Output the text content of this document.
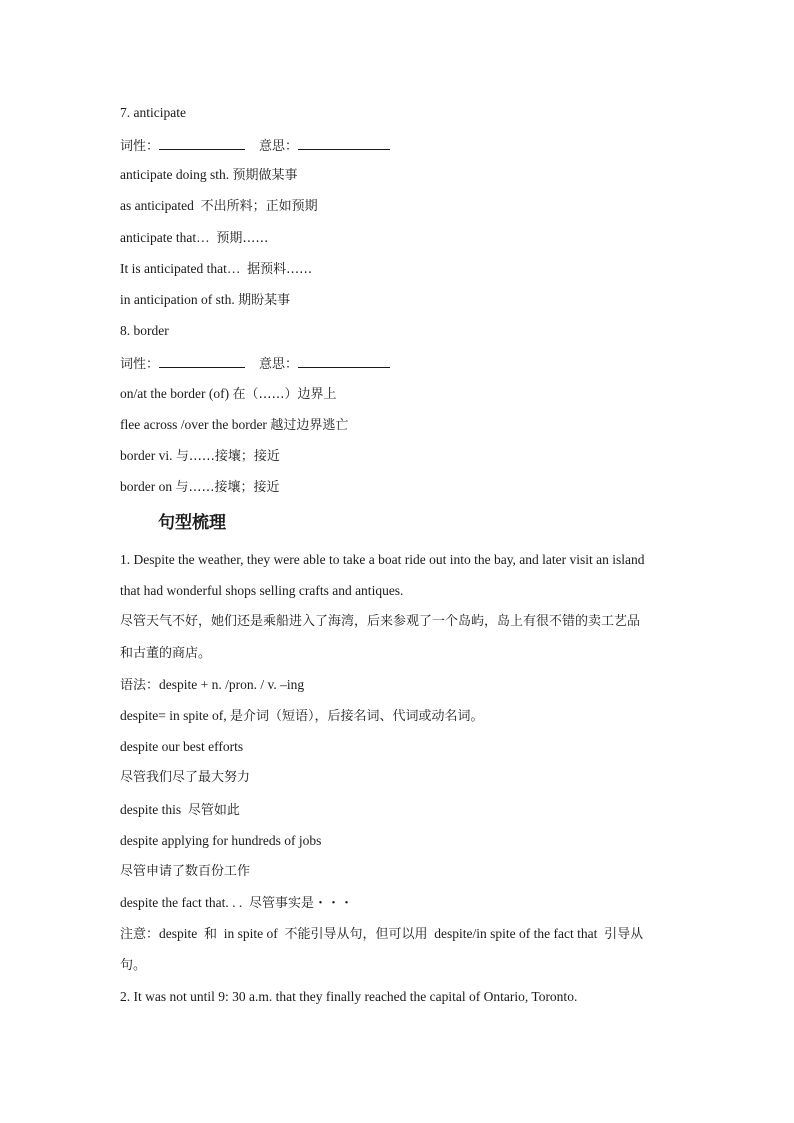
7. anticipate
词性：	意思：
anticipate doing sth. 预期做某事
as anticipated 不出所料；正如预期
anticipate that… 预期……
It is anticipated that… 据预料……
in anticipation of sth. 期盼某事
8. border
词性：	意思：
on/at the border (of) 在（……）边界上
flee across /over the border 越过边界逃亡
border vi. 与……接壤；接近
border on 与……接壤；接近
句型梳理
1. Despite the weather, they were able to take a boat ride out into the bay, and later visit an island
that had wonderful shops selling crafts and antiques.
尽管天气不好，她们还是乘船进入了海湾，后来参观了一个岛屿，岛上有很不错的卖工艺品
和古董的商店。
语法：despite + n. /pron. / v. –ing
despite= in spite of, 是介词（短语），后接名词、代词或动名词。
despite our best efforts
尽管我们尽了最大努力
despite this 尽管如此
despite applying for hundreds of jobs
尽管申请了数百份工作
despite the fact that. . . 尽管事实是・・・
注意：despite 和 in spite of 不能引导从句，但可以用 despite/in spite of the fact that 引导从
句。
2. It was not until 9: 30 a.m. that they finally reached the capital of Ontario, Toronto.
